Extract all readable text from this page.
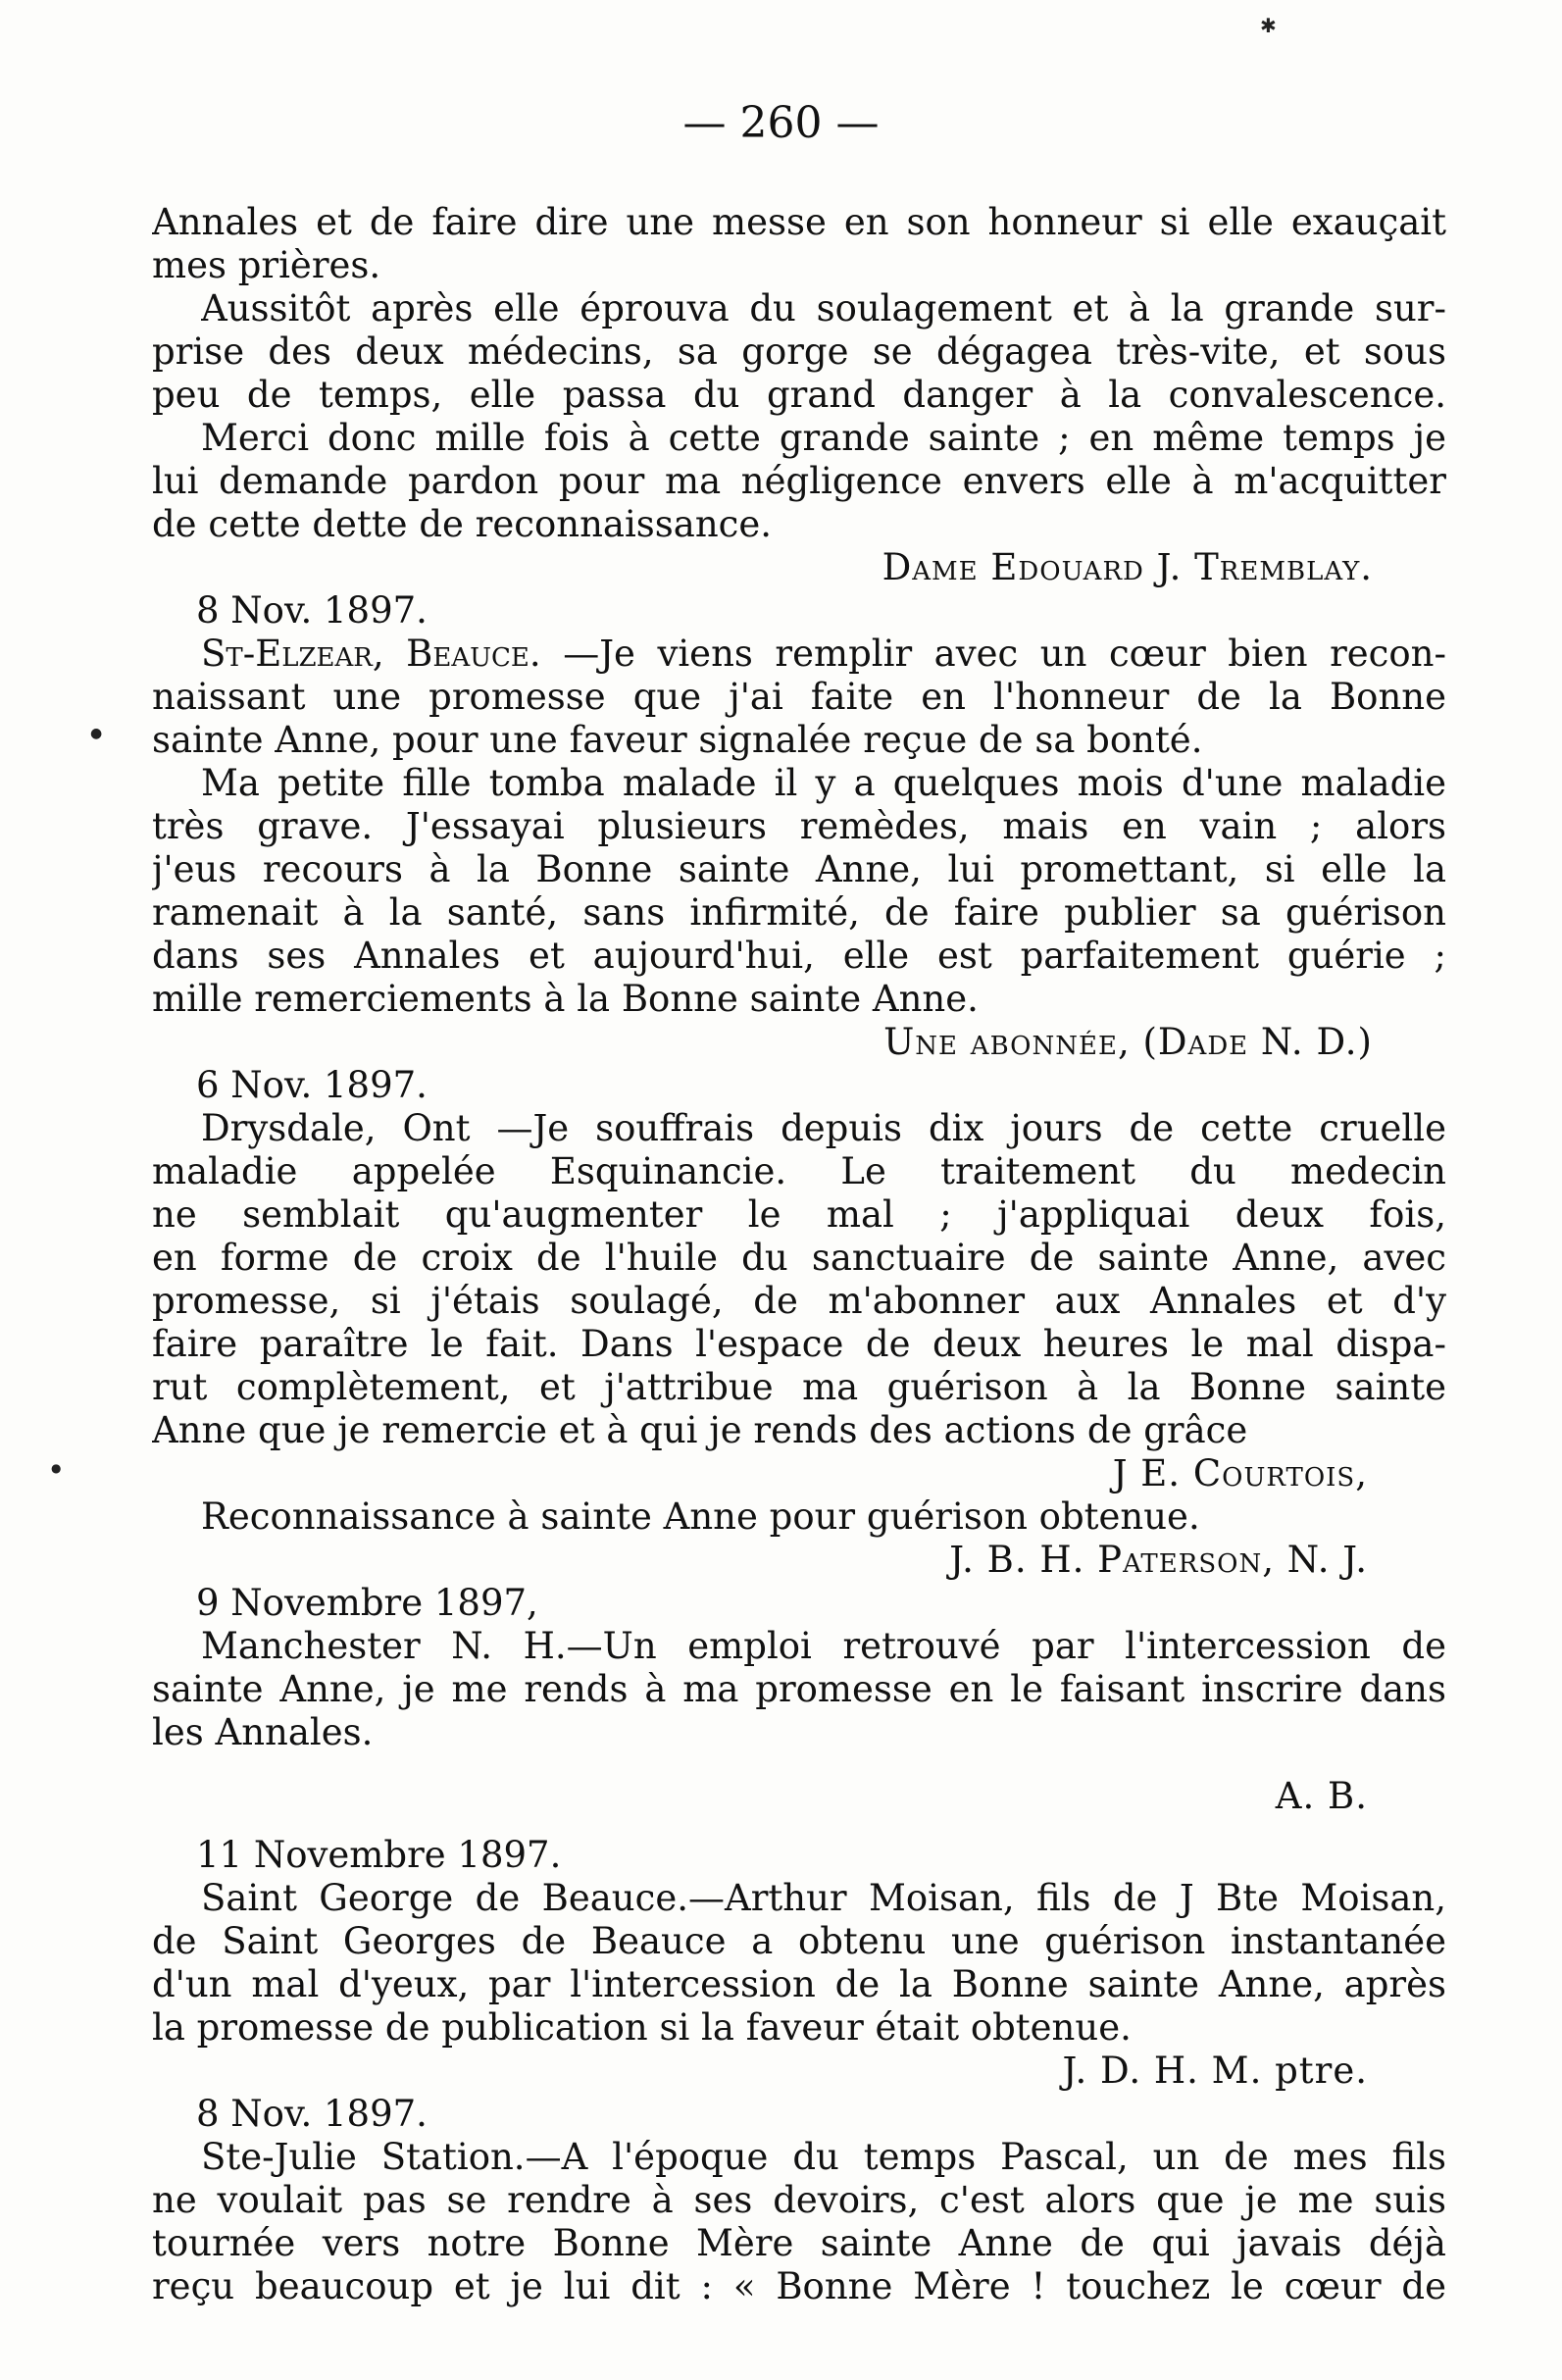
✱
●
●
— 260 —

Annales et de faire dire une messe en son honneur si elle exauçait

mes prières.

Aussitôt après elle éprouva du soulagement et à la grande sur-

prise des deux médecins, sa gorge se dégagea très-vite, et sous

peu de temps, elle passa du grand danger à la convalescence.

Merci donc mille fois à cette grande sainte ; en même temps je

lui demande pardon pour ma négligence envers elle à m'acquitter

de cette dette de reconnaissance.

Dame Edouard J. Tremblay.

8 Nov. 1897.

St-Elzear, Beauce. —Je viens remplir avec un cœur bien recon-

naissant une promesse que j'ai faite en l'honneur de la Bonne

sainte Anne, pour une faveur signalée reçue de sa bonté.

Ma petite fille tomba malade il y a quelques mois d'une maladie

très grave. J'essayai plusieurs remèdes, mais en vain ; alors

j'eus recours à la Bonne sainte Anne, lui promettant, si elle la

ramenait à la santé, sans infirmité, de faire publier sa guérison

dans ses Annales et aujourd'hui, elle est parfaitement guérie ;

mille remerciements à la Bonne sainte Anne.

Une abonnée, (Dade N. D.)

6 Nov. 1897.

Drysdale, Ont —Je souffrais depuis dix jours de cette cruelle

maladie appelée Esquinancie. Le traitement du medecin

ne semblait qu'augmenter le mal ; j'appliquai deux fois,

en forme de croix de l'huile du sanctuaire de sainte Anne, avec

promesse, si j'étais soulagé, de m'abonner aux Annales et d'y

faire paraître le fait. Dans l'espace de deux heures le mal dispa-

rut complètement, et j'attribue ma guérison à la Bonne sainte

Anne que je remercie et à qui je rends des actions de grâce

J E. Courtois,

Reconnaissance à sainte Anne pour guérison obtenue.

J. B. H. Paterson, N. J.

9 Novembre 1897,

Manchester N. H.—Un emploi retrouvé par l'intercession de

sainte Anne, je me rends à ma promesse en le faisant inscrire dans

les Annales.

A. B.

11 Novembre 1897.

Saint George de Beauce.—Arthur Moisan, fils de J Bte Moisan,

de Saint Georges de Beauce a obtenu une guérison instantanée

d'un mal d'yeux, par l'intercession de la Bonne sainte Anne, après

la promesse de publication si la faveur était obtenue.

J. D. H. M. ptre.

8 Nov. 1897.

Ste-Julie Station.—A l'époque du temps Pascal, un de mes fils

ne voulait pas se rendre à ses devoirs, c'est alors que je me suis

tournée vers notre Bonne Mère sainte Anne de qui javais déjà

reçu beaucoup et je lui dit : « Bonne Mère ! touchez le cœur de
